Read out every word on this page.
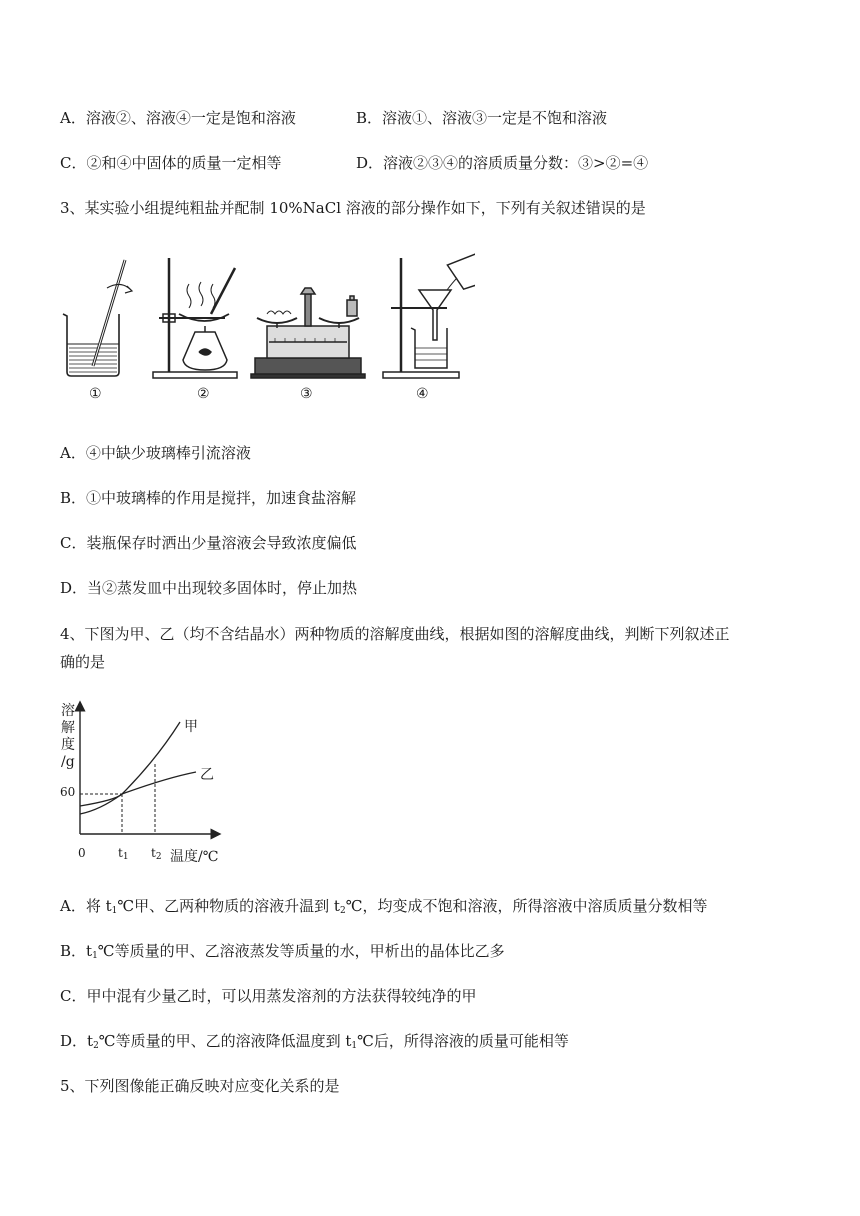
A．溶液②、溶液④一定是饱和溶液	B．溶液①、溶液③一定是不饱和溶液
C．②和④中固体的质量一定相等	D．溶液②③④的溶质质量分数：③>②=④
3、某实验小组提纯粗盐并配制 10%NaCl 溶液的部分操作如下，下列有关叙述错误的是
①	②	③	④
A．④中缺少玻璃棒引流溶液
B．①中玻璃棒的作用是搅拌，加速食盐溶解
C．装瓶保存时洒出少量溶液会导致浓度偏低
D．当②蒸发皿中出现较多固体时，停止加热
4、下图为甲、乙（均不含结晶水）两种物质的溶解度曲线，根据如图的溶解度曲线，判断下列叙述正
确的是
溶
解
度
/g
60
0	$t_1$ $t_2$ 温度/℃
甲
乙
A．将 $t_1℃$甲、乙两种物质的溶液升温到 $t_2℃$，均变成不饱和溶液，所得溶液中溶质质量分数相等
B．$t_1℃$等质量的甲、乙溶液蒸发等质量的水，甲析出的晶体比乙多
C．甲中混有少量乙时，可以用蒸发溶剂的方法获得较纯净的甲
D．$t_2℃$等质量的甲、乙的溶液降低温度到 $t_1℃$后，所得溶液的质量可能相等
5、下列图像能正确反映对应变化关系的是
